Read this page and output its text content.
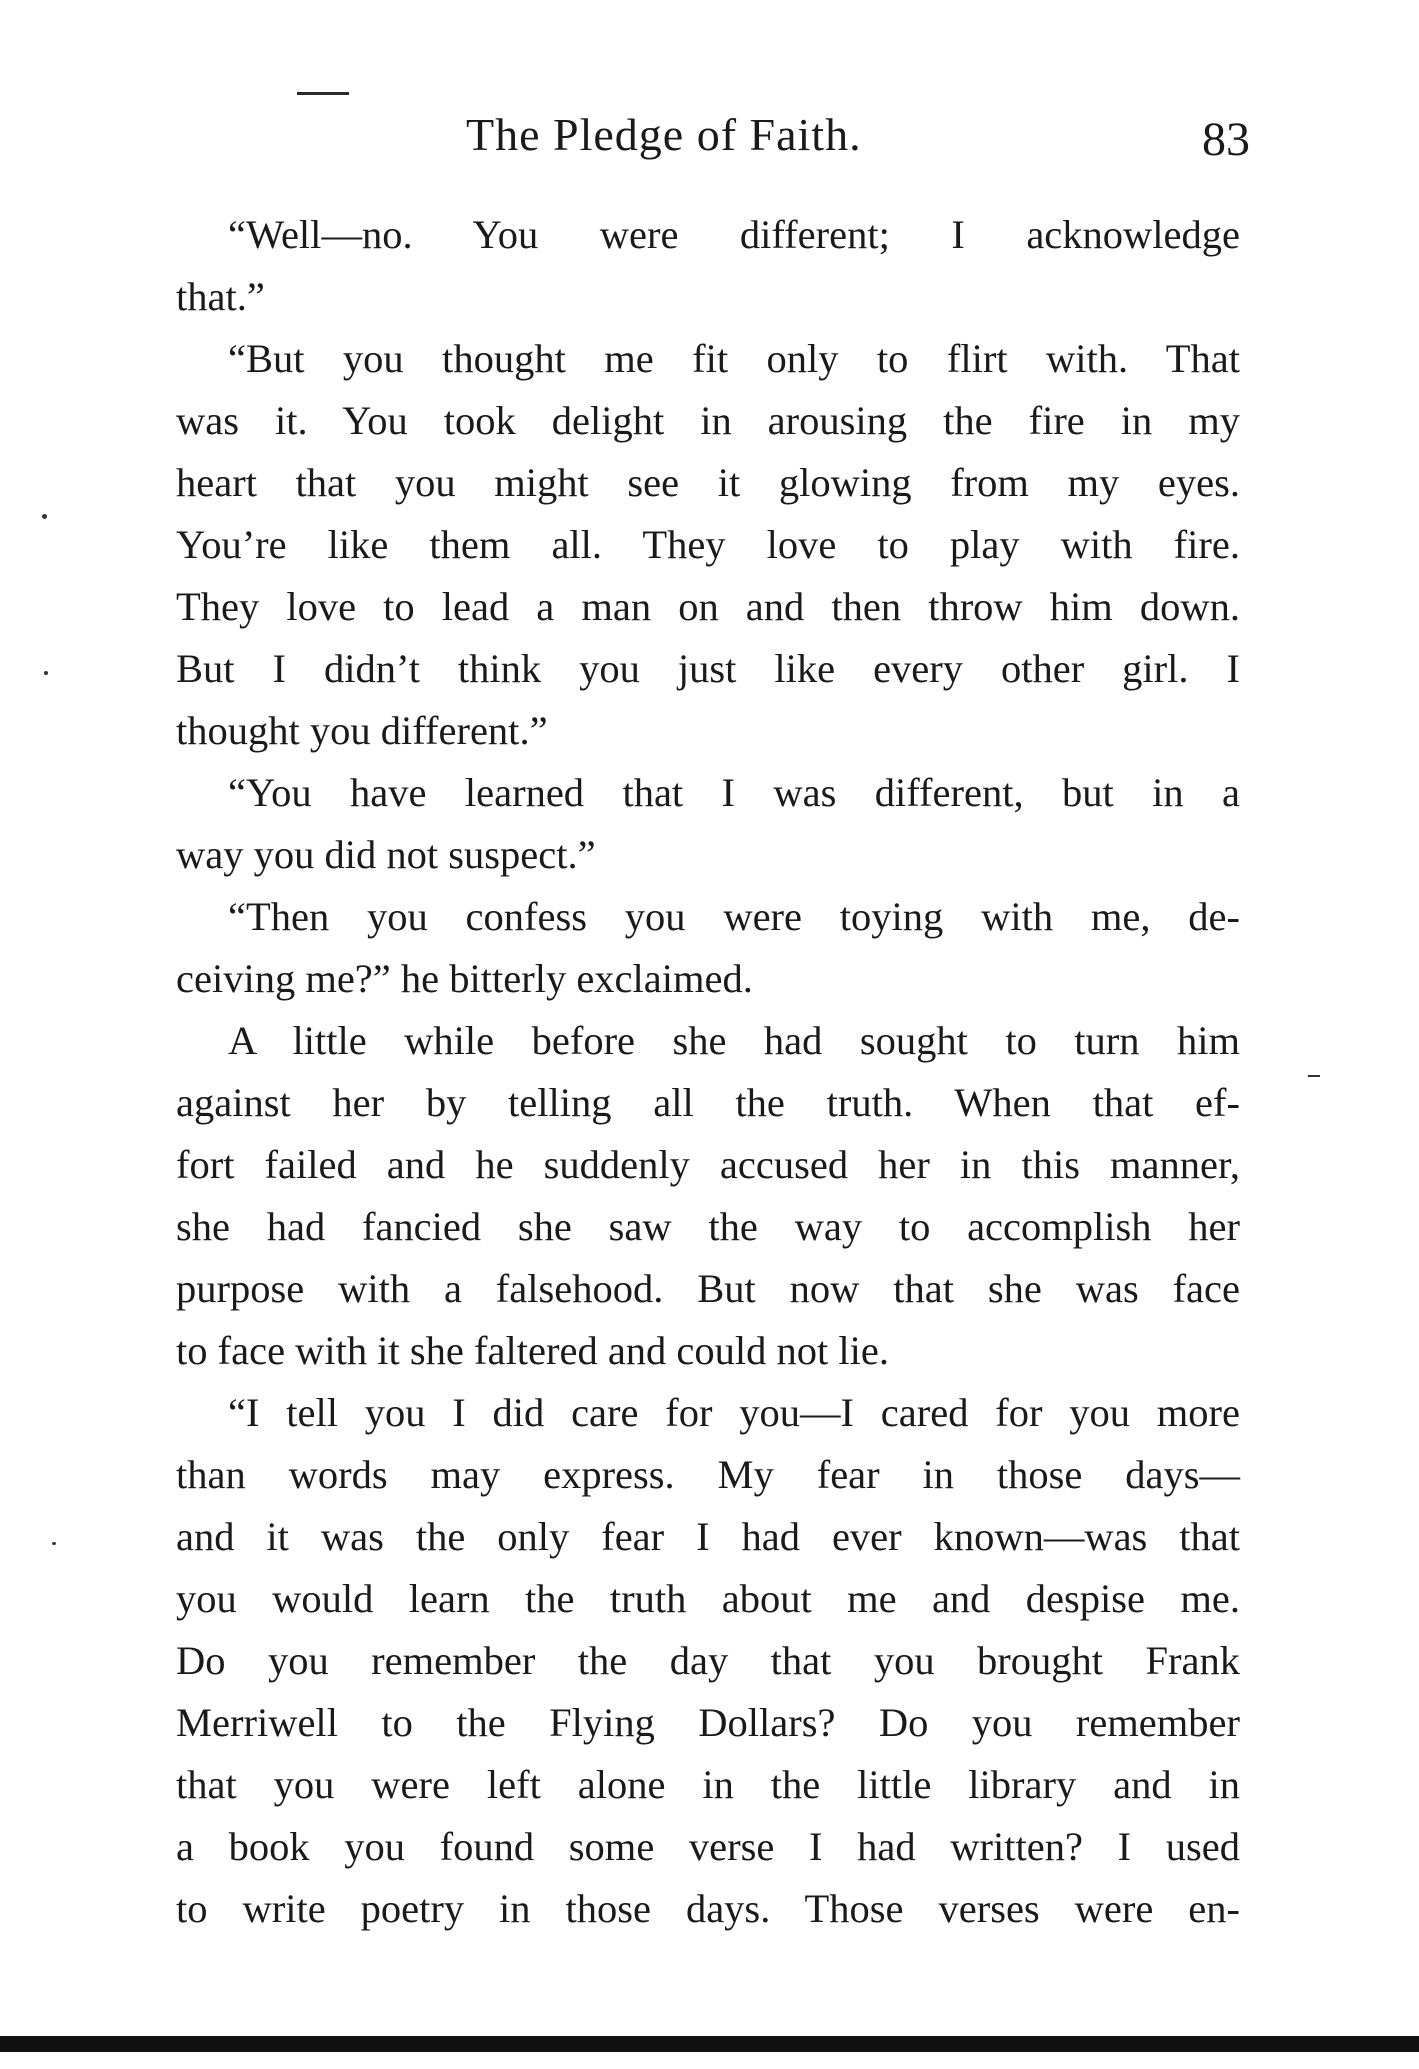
The Pledge of Faith.	83
“Well—no. You were different; I acknowledge
that.”
“But you thought me fit only to flirt with. That
was it. You took delight in arousing the fire in my
heart that you might see it glowing from my eyes.
You’re like them all. They love to play with fire.
They love to lead a man on and then throw him down.
But I didn’t think you just like every other girl. I
thought you different.”
“You have learned that I was different, but in a
way you did not suspect.”
“Then you confess you were toying with me, de-
ceiving me?” he bitterly exclaimed.
A little while before she had sought to turn him
against her by telling all the truth. When that ef-
fort failed and he suddenly accused her in this manner,
she had fancied she saw the way to accomplish her
purpose with a falsehood. But now that she was face
to face with it she faltered and could not lie.
“I tell you I did care for you—I cared for you more
than words may express. My fear in those days—
and it was the only fear I had ever known—was that
you would learn the truth about me and despise me.
Do you remember the day that you brought Frank
Merriwell to the Flying Dollars? Do you remember
that you were left alone in the little library and in
a book you found some verse I had written? I used
to write poetry in those days. Those verses were en-
